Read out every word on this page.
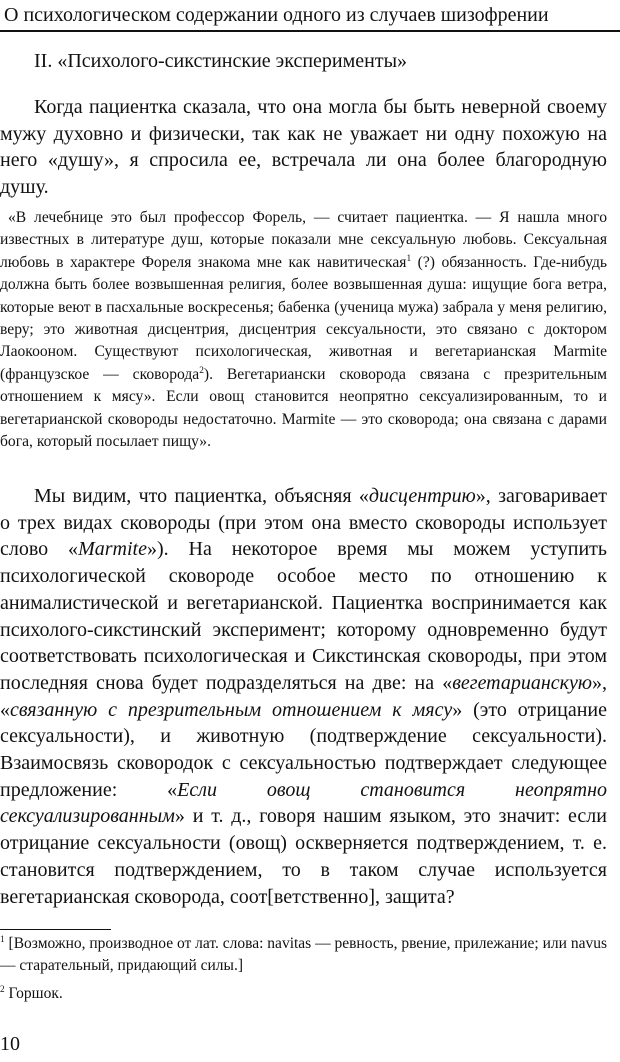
О психологическом содержании одного из случаев шизофрении
II. «Психолого-сикстинские эксперименты»

Когда пациентка сказала, что она могла бы быть неверной своему мужу духовно и физически, так как не уважает ни одну похожую на него «душу», я спросила ее, встречала ли она более благородную душу.

«В лечебнице это был профессор Форель, — считает пациентка. — Я нашла много известных в литературе душ, которые показали мне сексуальную любовь. Сексуальная любовь в характере Фореля знакома мне как навитическая$^1$ (?) обязанность. Где-нибудь должна быть более возвышенная религия, более возвышенная душа: ищущие бога ветра, которые веют в пасхальные воскресенья; бабенка (ученица мужа) забрала у меня религию, веру; это животная дисцентрия, дисцентрия сексуальности, это связано с доктором Лаокооном. Существуют психологическая, животная и вегетарианская Marmite (французское — сковорода$^2$). Вегетариански сковорода связана с презрительным отношением к мясу». Если овощ становится неопрятно сексуализированным, то и вегетарианской сковороды недостаточно. Marmite — это сковорода; она связана с дарами бога, который посылает пищу».

Мы видим, что пациентка, объясняя «дисцентрию», заговаривает о трех видах сковороды (при этом она вместо сковороды использует слово «Marmite»). На некоторое время мы можем уступить психологической сковороде особое место по отношению к анималистической и вегетарианской. Пациентка воспринимается как психолого-сикстинский эксперимент; которому одновременно будут соответствовать психологическая и Сикстинская сковороды, при этом последняя снова будет подразделяться на две: на «вегетарианскую», «связанную с презрительным отношением к мясу» (это отрицание сексуальности), и животную (подтверждение сексуальности). Взаимосвязь сковородок с сексуальностью подтверждает следующее предложение: «Если овощ становится неопрятно сексуализированным» и т. д., говоря нашим языком, это значит: если отрицание сексуальности (овощ) оскверняется подтверждением, т. е. становится подтверждением, то в таком случае используется вегетарианская сковорода, соот[ветственно], защита?

$^1$ [Возможно, производное от лат. слова: navitas — ревность, рвение, прилежание; или navus — старательный, придающий силы.]

$^2$ Горшок.

10
